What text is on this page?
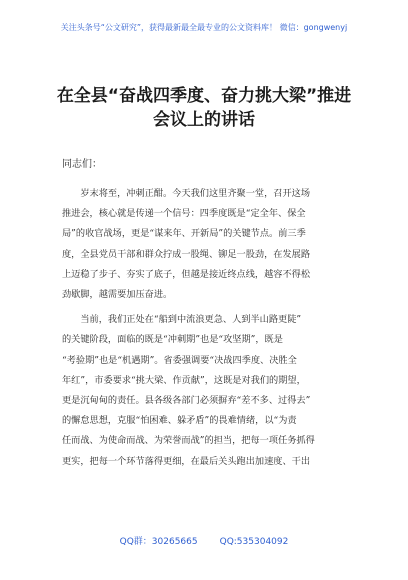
关注头条号“公文研究”，获得最新最全最专业的公文资料库！ 微信：gongwenyj
在全县“奋战四季度、奋力挑大梁”推进
会议上的讲话
同志们：
　　岁末将至，冲刺正酣。今天我们这里齐聚一堂，召开这场
推进会，核心就是传递一个信号：四季度既是“定全年、保全
局”的收官战场，更是“谋来年、开新局”的关键节点。前三季
度，全县党员干部和群众拧成一股绳、铆足一股劲，在发展路
上迈稳了步子、夯实了底子，但越是接近终点线，越容不得松
劲歇脚，越需要加压奋进。
　　当前，我们正处在“船到中流浪更急、人到半山路更陡”
的关键阶段，面临的既是“冲刺期”也是“攻坚期”，既是
“考验期”也是“机遇期”。省委强调要“决战四季度、决胜全
年红”，市委要求“挑大梁、作贡献”，这既是对我们的期望，
更是沉甸甸的责任。县各级各部门必须摒弃“差不多、过得去”
的懈怠思想，克服“怕困难、躲矛盾”的畏难情绪，以“为责
任而战、为使命而战、为荣誉而战”的担当，把每一项任务抓得
更实，把每一个环节落得更细，在最后关头跑出加速度、干出
QQ群：30265665 QQ:535304092
